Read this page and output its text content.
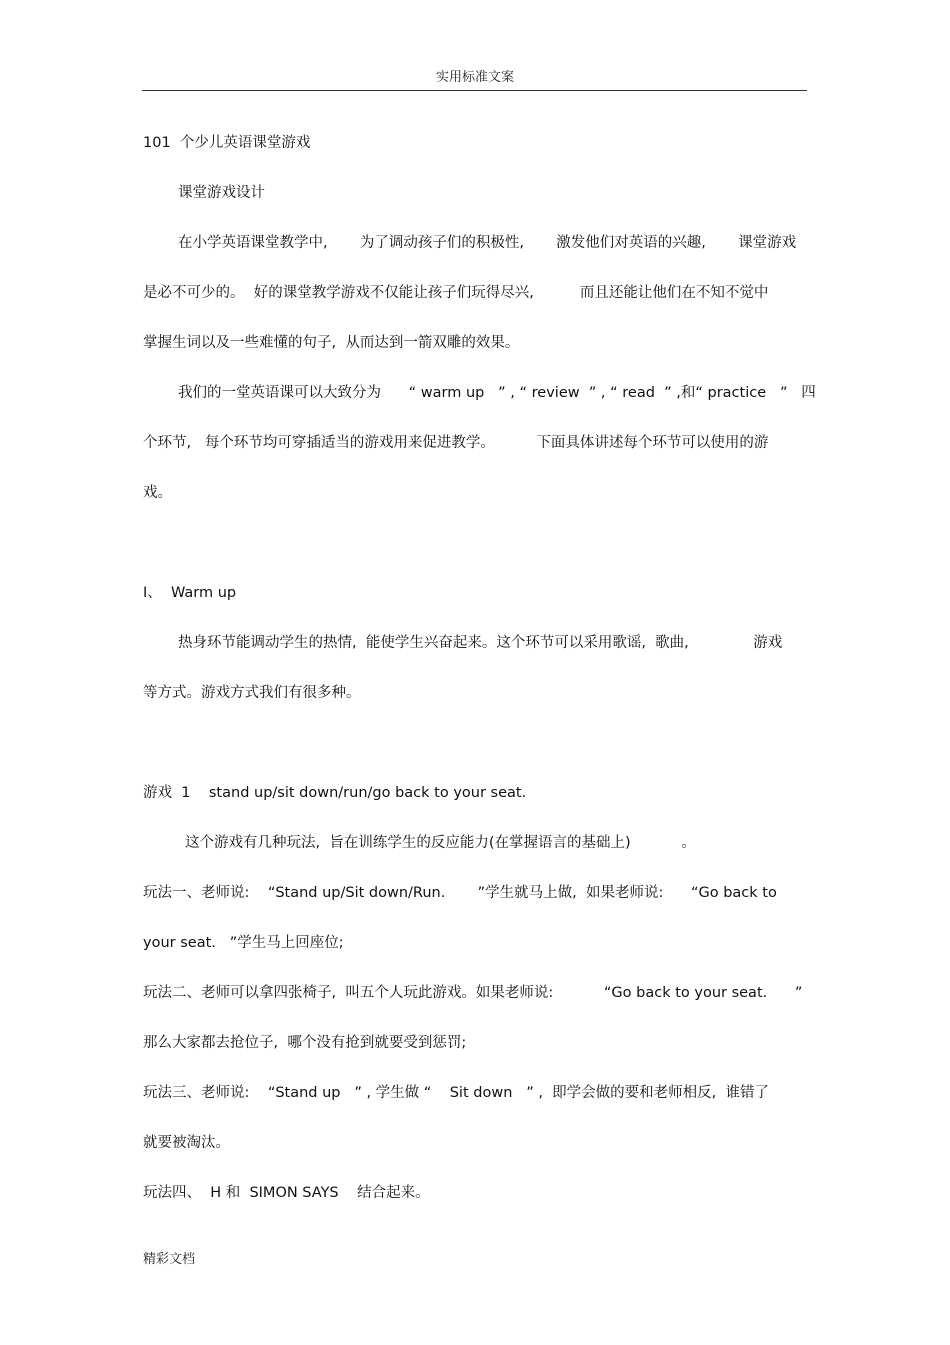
实用标准文案
101  个少儿英语课堂游戏
课堂游戏设计
在小学英语课堂教学中,       为了调动孩子们的积极性,       激发他们对英语的兴趣,       课堂游戏
是必不可少的。  好的课堂教学游戏不仅能让孩子们玩得尽兴,          而且还能让他们在不知不觉中
掌握生词以及一些难懂的句子,  从而达到一箭双雕的效果。
我们的一堂英语课可以大致分为      “ warm up   ” , “ review  ” , “ read  ” ,和“ practice   ”   四
个环节,   每个环节均可穿插适当的游戏用来促进教学。         下面具体讲述每个环节可以使用的游
戏。
Ⅰ、  Warm up
热身环节能调动学生的热情,  能使学生兴奋起来。这个环节可以采用歌谣,  歌曲,              游戏
等方式。游戏方式我们有很多种。
游戏  1    stand up/sit down/run/go back to your seat.
这个游戏有几种玩法,  旨在训练学生的反应能力(在掌握语言的基础上)           。
玩法一、老师说:    “Stand up/Sit down/Run.       ”学生就马上做,  如果老师说:      “Go back to
your seat.   ”学生马上回座位;
玩法二、老师可以拿四张椅子,  叫五个人玩此游戏。如果老师说:           “Go back to your seat.      ”
那么大家都去抢位子,  哪个没有抢到就要受到惩罚;
玩法三、老师说:    “Stand up   ” , 学生做 “    Sit down   ” ,  即学会做的要和老师相反,  谁错了
就要被淘汰。
玩法四、  H 和  SIMON SAYS    结合起来。
精彩文档
